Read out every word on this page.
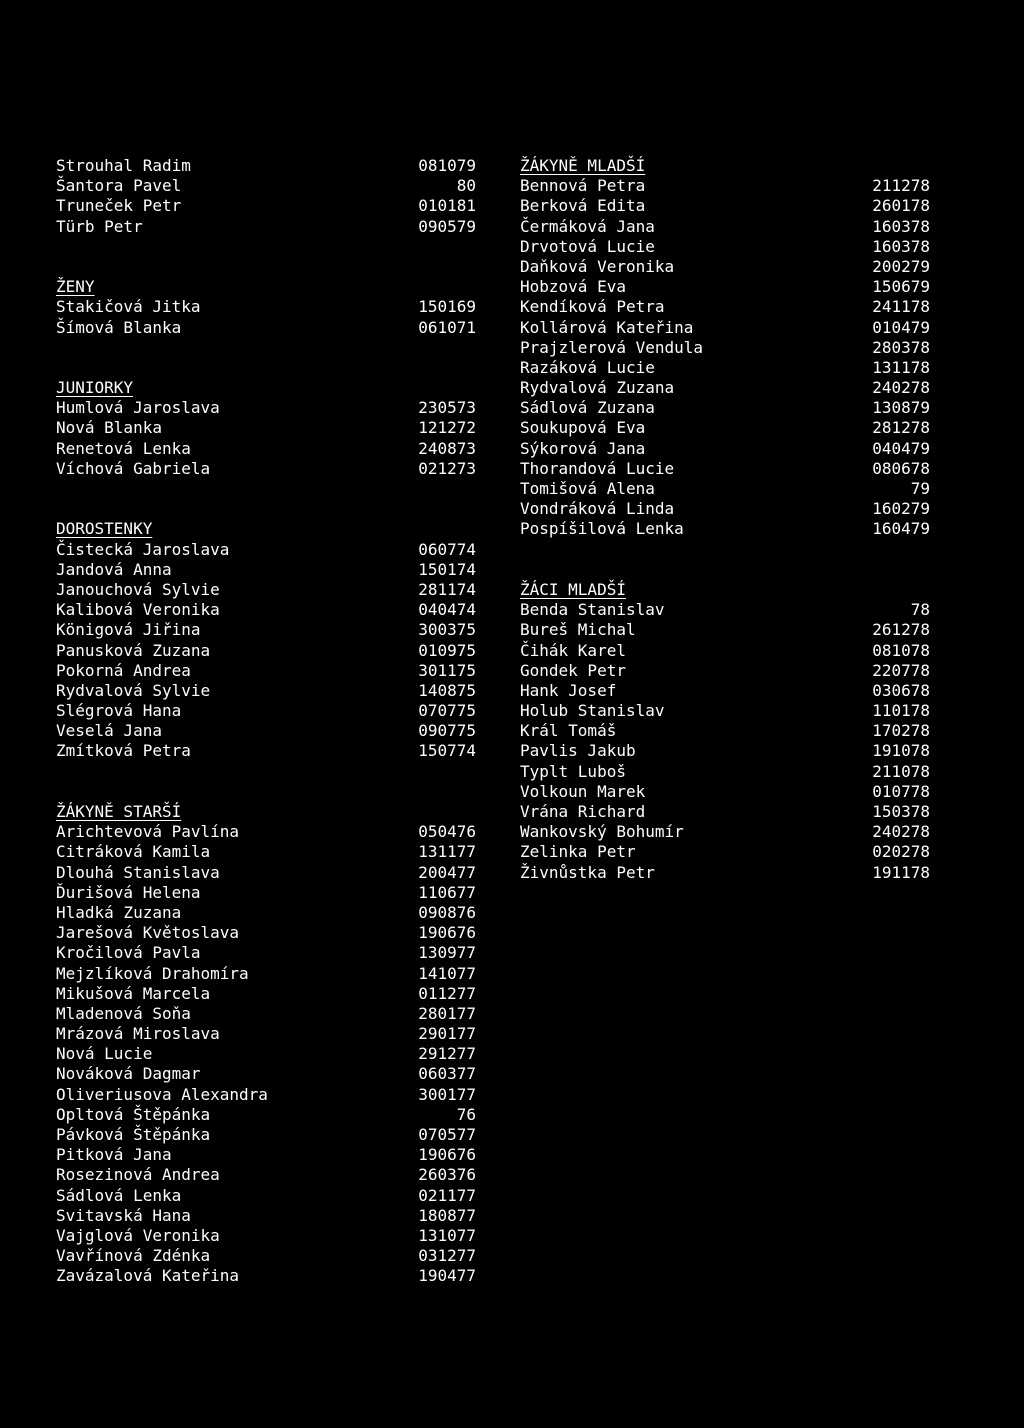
Strouhal Radim	081079
Šantora Pavel	80
Truneček Petr	010181
Türb Petr	090579
ŽENY
Stakičová Jitka	150169
Šímová Blanka	061071
JUNIORKY
Humlová Jaroslava	230573
Nová Blanka	121272
Renetová Lenka	240873
Víchová Gabriela	021273
DOROSTENKY
Čistecká Jaroslava	060774
Jandová Anna	150174
Janouchová Sylvie	281174
Kalibová Veronika	040474
Königová Jiřina	300375
Panusková Zuzana	010975
Pokorná Andrea	301175
Rydvalová Sylvie	140875
Slégrová Hana	070775
Veselá Jana	090775
Zmítková Petra	150774
ŽÁKYNĚ STARŠÍ
Arichtevová Pavlína	050476
Citráková Kamila	131177
Dlouhá Stanislava	200477
Ďurišová Helena	110677
Hladká Zuzana	090876
Jarešová Květoslava	190676
Kročilová Pavla	130977
Mejzlíková Drahomíra	141077
Mikušová Marcela	011277
Mladenová Soňa	280177
Mrázová Miroslava	290177
Nová Lucie	291277
Nováková Dagmar	060377
Oliveriusova Alexandra	300177
Opltová Štěpánka	76
Pávková Štěpánka	070577
Pitková Jana	190676
Rosezinová Andrea	260376
Sádlová Lenka	021177
Svitavská Hana	180877
Vajglová Veronika	131077
Vavřínová Zdénka	031277
Zavázalová Kateřina	190477
ŽÁKYNĚ MLADŠÍ
Bennová Petra	211278
Berková Edita	260178
Čermáková Jana	160378
Drvotová Lucie	160378
Daňková Veronika	200279
Hobzová Eva	150679
Kendíková Petra	241178
Kollárová Kateřina	010479
Prajzlerová Vendula	280378
Razáková Lucie	131178
Rydvalová Zuzana	240278
Sádlová Zuzana	130879
Soukupová Eva	281278
Sýkorová Jana	040479
Thorandová Lucie	080678
Tomišová Alena	79
Vondráková Linda	160279
Pospíšilová Lenka	160479
ŽÁCI MLADŠÍ
Benda Stanislav	78
Bureš Michal	261278
Čihák Karel	081078
Gondek Petr	220778
Hank Josef	030678
Holub Stanislav	110178
Král Tomáš	170278
Pavlis Jakub	191078
Typlt Luboš	211078
Volkoun Marek	010778
Vrána Richard	150378
Wankovský Bohumír	240278
Zelinka Petr	020278
Živnůstka Petr	191178
